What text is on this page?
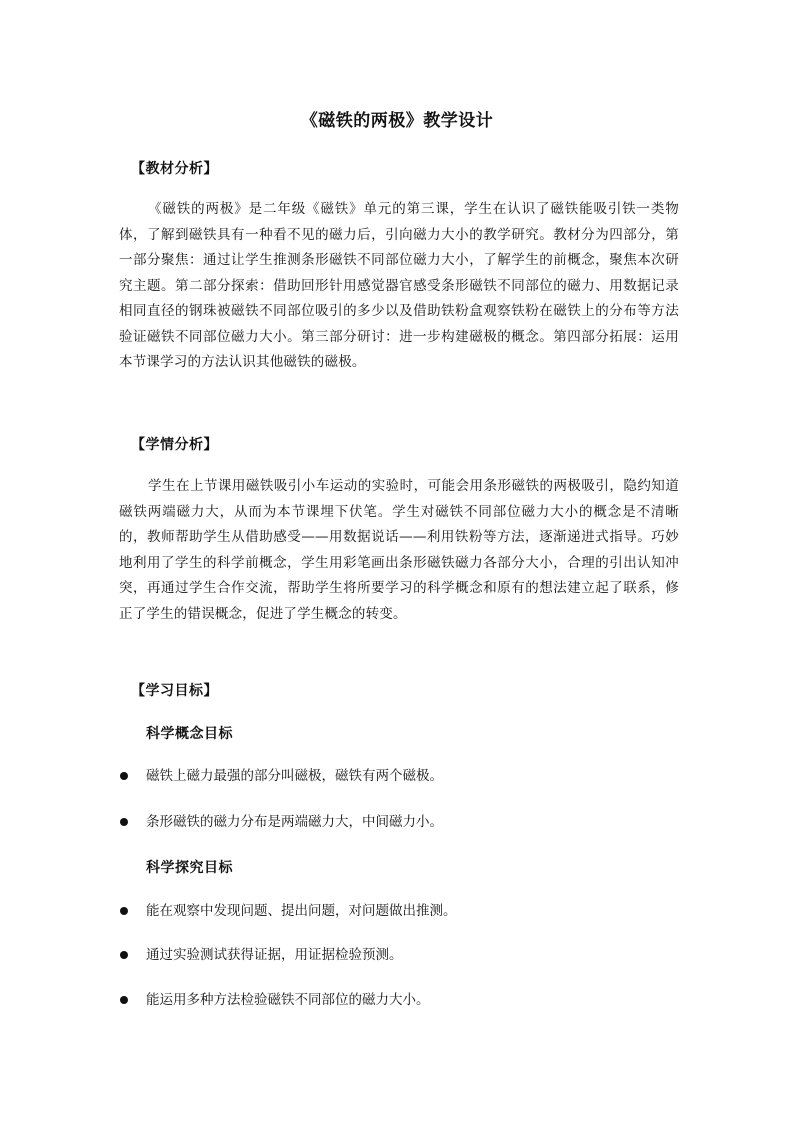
《磁铁的两极》教学设计
【教材分析】
《磁铁的两极》是二年级《磁铁》单元的第三课，学生在认识了磁铁能吸引铁一类物体，了解到磁铁具有一种看不见的磁力后，引向磁力大小的教学研究。教材分为四部分，第一部分聚焦：通过让学生推测条形磁铁不同部位磁力大小，了解学生的前概念，聚焦本次研究主题。第二部分探索：借助回形针用感觉器官感受条形磁铁不同部位的磁力、用数据记录相同直径的钢珠被磁铁不同部位吸引的多少以及借助铁粉盒观察铁粉在磁铁上的分布等方法验证磁铁不同部位磁力大小。第三部分研讨：进一步构建磁极的概念。第四部分拓展：运用本节课学习的方法认识其他磁铁的磁极。
【学情分析】
学生在上节课用磁铁吸引小车运动的实验时，可能会用条形磁铁的两极吸引，隐约知道磁铁两端磁力大，从而为本节课埋下伏笔。学生对磁铁不同部位磁力大小的概念是不清晰的，教师帮助学生从借助感受——用数据说话——利用铁粉等方法，逐渐递进式指导。巧妙地利用了学生的科学前概念，学生用彩笔画出条形磁铁磁力各部分大小，合理的引出认知冲突，再通过学生合作交流，帮助学生将所要学习的科学概念和原有的想法建立起了联系，修正了学生的错误概念，促进了学生概念的转变。
【学习目标】
科学概念目标
磁铁上磁力最强的部分叫磁极，磁铁有两个磁极。
条形磁铁的磁力分布是两端磁力大，中间磁力小。
科学探究目标
能在观察中发现问题、提出问题，对问题做出推测。
通过实验测试获得证据，用证据检验预测。
能运用多种方法检验磁铁不同部位的磁力大小。
